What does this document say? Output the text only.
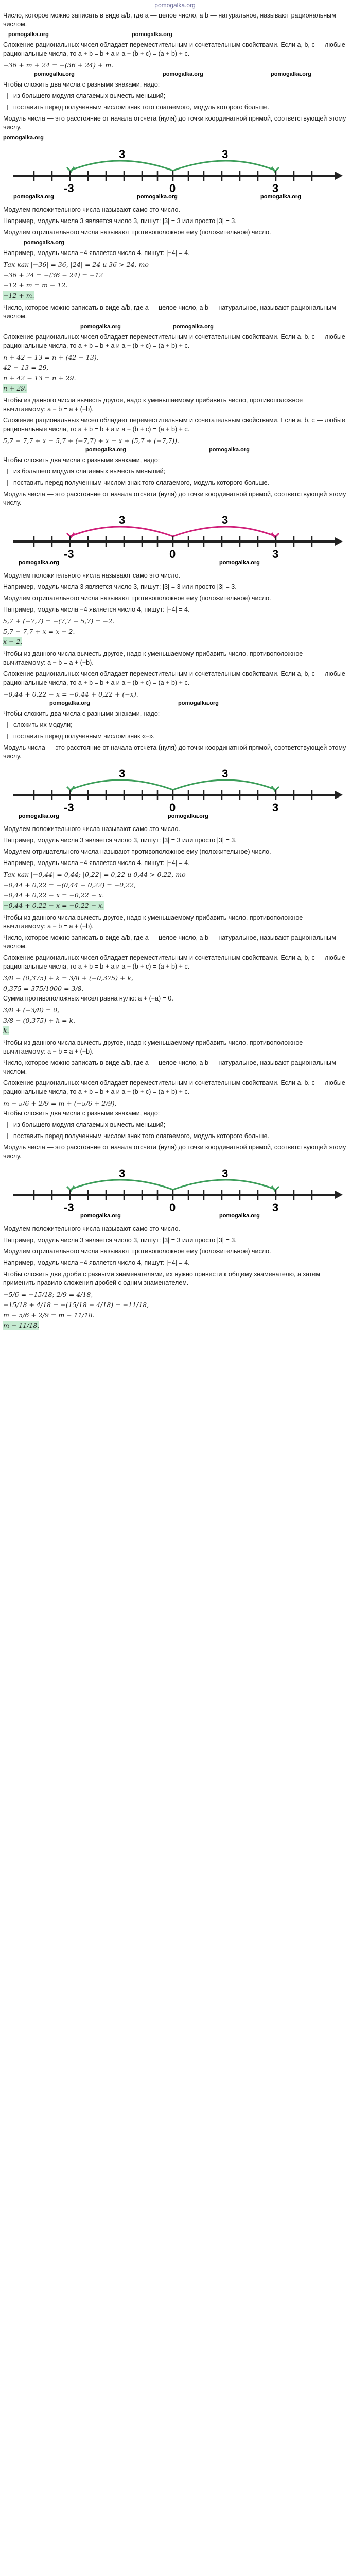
pomogalka.org

Число, которое можно записать в виде a/b, где a — целое число, а b — натуральное, называют рациональным числом.

pomogalka.org	pomogalka.org

Сложение рациональных чисел обладает переместительным и сочетательным свойствами. Если a, b, c — любые рациональные числа, то a + b = b + a и a + (b + c) = (a + b) + c.

−36 + m + 24 = −(36 + 24) + m.

pomogalka.org	pomogalka.org	pomogalka.org

Чтобы сложить два числа с разными знаками, надо:

из большего модуля слагаемых вычесть меньший;

поставить перед полученным числом знак того слагаемого, модуль которого больше.

Модуль числа — это расстояние от начала отсчёта (нуля) до точки координатной прямой, соответствующей этому числу.

pomogalka.org
3	3
-3	0	3
pomogalka.org	pomogalka.org	pomogalka.org

Модулем положительного числа называют само это число.

Например, модуль числа 3 является число 3, пишут: |3| = 3 или просто |3| = 3.

Модулем отрицательного числа называют противоположное ему (положительное) число.

pomogalka.org

Например, модуль числа −4 является число 4, пишут: |−4| = 4.

Так как |−36| = 36, |24| = 24 и 36 > 24, то

−36 + 24 = −(36 − 24) = −12

−12 + m = m − 12.

−12 + m.

Число, которое можно записать в виде a/b, где a — целое число, а b — натуральное, называют рациональным числом.

pomogalka.org	pomogalka.org

Сложение рациональных чисел обладает переместительным и сочетательным свойствами. Если a, b, c — любые рациональные числа, то a + b = b + a и a + (b + c) = (a + b) + c.

n + 42 − 13 = n + (42 − 13),

42 − 13 = 29,

n + 42 − 13 = n + 29.

n + 29.

Чтобы из данного числа вычесть другое, надо к уменьшаемому прибавить число, противоположное вычитаемому: a − b = a + (−b).

Сложение рациональных чисел обладает переместительным и сочетательным свойствами. Если a, b, c — любые рациональные числа, то a + b = b + a и a + (b + c) = (a + b) + c.

5,7 − 7,7 + x = 5,7 + (−7,7) + x = x + (5,7 + (−7,7)).

pomogalka.org	pomogalka.org

Чтобы сложить два числа с разными знаками, надо:

из большего модуля слагаемых вычесть меньший;

поставить перед полученным числом знак того слагаемого, модуль которого больше.

Модуль числа — это расстояние от начала отсчёта (нуля) до точки координатной прямой, соответствующей этому числу.

3	3
-3	0	3
pomogalka.org	pomogalka.org

Модулем положительного числа называют само это число.

Например, модуль числа 3 является число 3, пишут: |3| = 3 или просто |3| = 3.

Модулем отрицательного числа называют противоположное ему (положительное) число.

Например, модуль числа −4 является число 4, пишут: |−4| = 4.

5,7 + (−7,7) = −(7,7 − 5,7) = −2.

5,7 − 7,7 + x = x − 2.

x − 2.

Чтобы из данного числа вычесть другое, надо к уменьшаемому прибавить число, противоположное вычитаемому: a − b = a + (−b).

Сложение рациональных чисел обладает переместительным и сочетательным свойствами. Если a, b, c — любые рациональные числа, то a + b = b + a и a + (b + c) = (a + b) + c.

−0,44 + 0,22 − x = −0,44 + 0,22 + (−x).

pomogalka.org	pomogalka.org

Чтобы сложить два числа с разными знаками, надо:

сложить их модули;

поставить перед полученным числом знак «−».

Модуль числа — это расстояние от начала отсчёта (нуля) до точки координатной прямой, соответствующей этому числу.

3	3
-3	0	3
pomogalka.org	pomogalka.org

Модулем положительного числа называют само это число.

Например, модуль числа 3 является число 3, пишут: |3| = 3 или просто |3| = 3.

Модулем отрицательного числа называют противоположное ему (положительное) число.

Например, модуль числа −4 является число 4, пишут: |−4| = 4.

Так как |−0,44| = 0,44; |0,22| = 0,22 и 0,44 > 0,22, то

−0,44 + 0,22 = −(0,44 − 0,22) = −0,22,

−0,44 + 0,22 − x = −0,22 − x.

−0,44 + 0,22 − x = −0,22 − x.

Чтобы из данного числа вычесть другое, надо к уменьшаемому прибавить число, противоположное вычитаемому: a − b = a + (−b).

Число, которое можно записать в виде a/b, где a — целое число, а b — натуральное, называют рациональным числом.

Сложение рациональных чисел обладает переместительным и сочетательным свойствами. Если a, b, c — любые рациональные числа, то a + b = b + a и a + (b + c) = (a + b) + c.

3/8 − (0,375) + k = 3/8 + (−0,375) + k,

0,375 = 375/1000 = 3/8,

Сумма противоположных чисел равна нулю: a + (−a) = 0.

3/8 + (−3/8) = 0,

3/8 − (0,375) + k = k.

k.

Чтобы из данного числа вычесть другое, надо к уменьшаемому прибавить число, противоположное вычитаемому: a − b = a + (−b).

Число, которое можно записать в виде a/b, где a — целое число, а b — натуральное, называют рациональным числом.

Сложение рациональных чисел обладает переместительным и сочетательным свойствами. Если a, b, c — любые рациональные числа, то a + b = b + a и a + (b + c) = (a + b) + c.

m − 5/6 + 2/9 = m + (−5/6 + 2/9),

Чтобы сложить два числа с разными знаками, надо:

из большего модуля слагаемых вычесть меньший;

поставить перед полученным числом знак того слагаемого, модуль которого больше.

Модуль числа — это расстояние от начала отсчёта (нуля) до точки координатной прямой, соответствующей этому числу.

3	3
-3	0	3
pomogalka.org	pomogalka.org

Модулем положительного числа называют само это число.

Например, модуль числа 3 является число 3, пишут: |3| = 3 или просто |3| = 3.

Модулем отрицательного числа называют противоположное ему (положительное) число.

Например, модуль числа −4 является число 4, пишут: |−4| = 4.

Чтобы сложить две дроби с разными знаменателями, их нужно привести к общему знаменателю, а затем применить правило сложения дробей с одним знаменателем.

−5/6 = −15/18; 2/9 = 4/18,

−15/18 + 4/18 = −(15/18 − 4/18) = −11/18,

m − 5/6 + 2/9 = m − 11/18.

m − 11/18.
